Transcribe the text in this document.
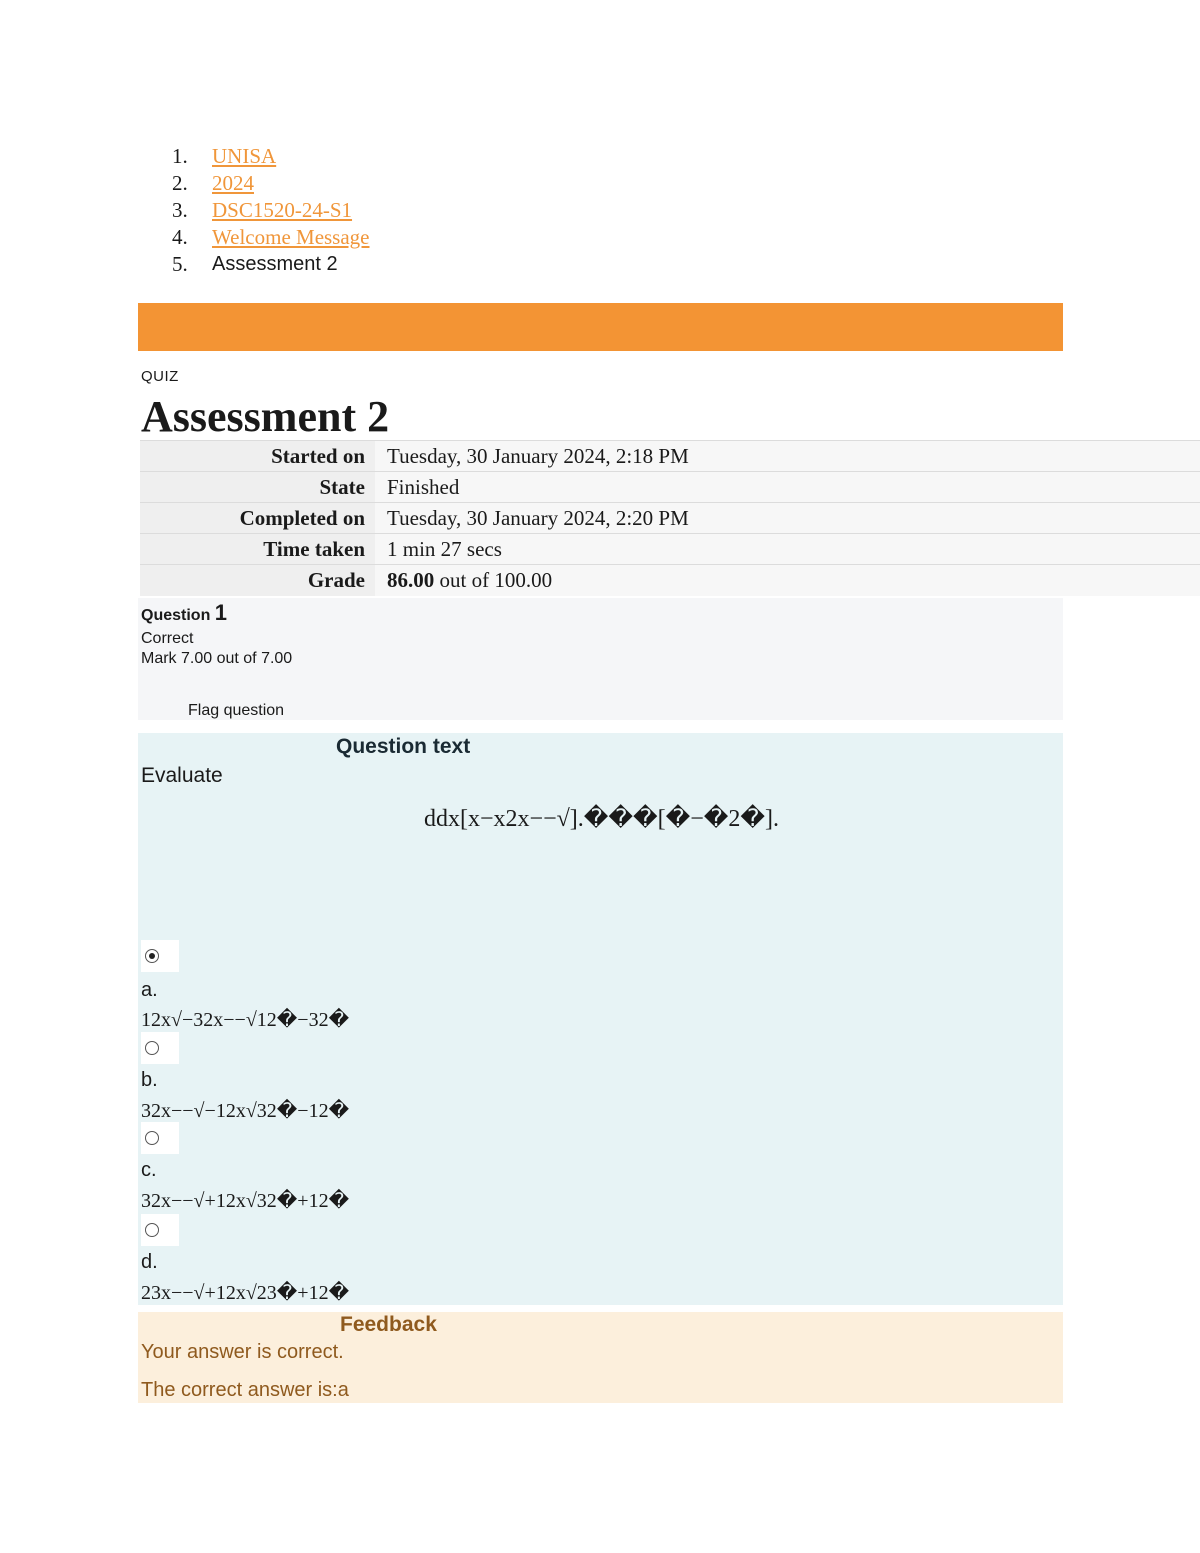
1.	UNISA
2.	2024
3.	DSC1520-24-S1
4.	Welcome Message
5.	Assessment 2
QUIZ
Assessment 2
Started on	Tuesday, 30 January 2024, 2:18 PM
State	Finished
Completed on	Tuesday, 30 January 2024, 2:20 PM
Time taken	1 min 27 secs
Grade	86.00 out of 100.00
Question 1
Correct
Mark 7.00 out of 7.00
Flag question
Question text
Evaluate
ddx[x−x2x−−√].���[�−�2�].
a.
12x√−32x−−√12�−32�
b.
32x−−√−12x√32�−12�
c.
32x−−√+12x√32�+12�
d.
23x−−√+12x√23�+12�
Feedback
Your answer is correct.
The correct answer is:a
